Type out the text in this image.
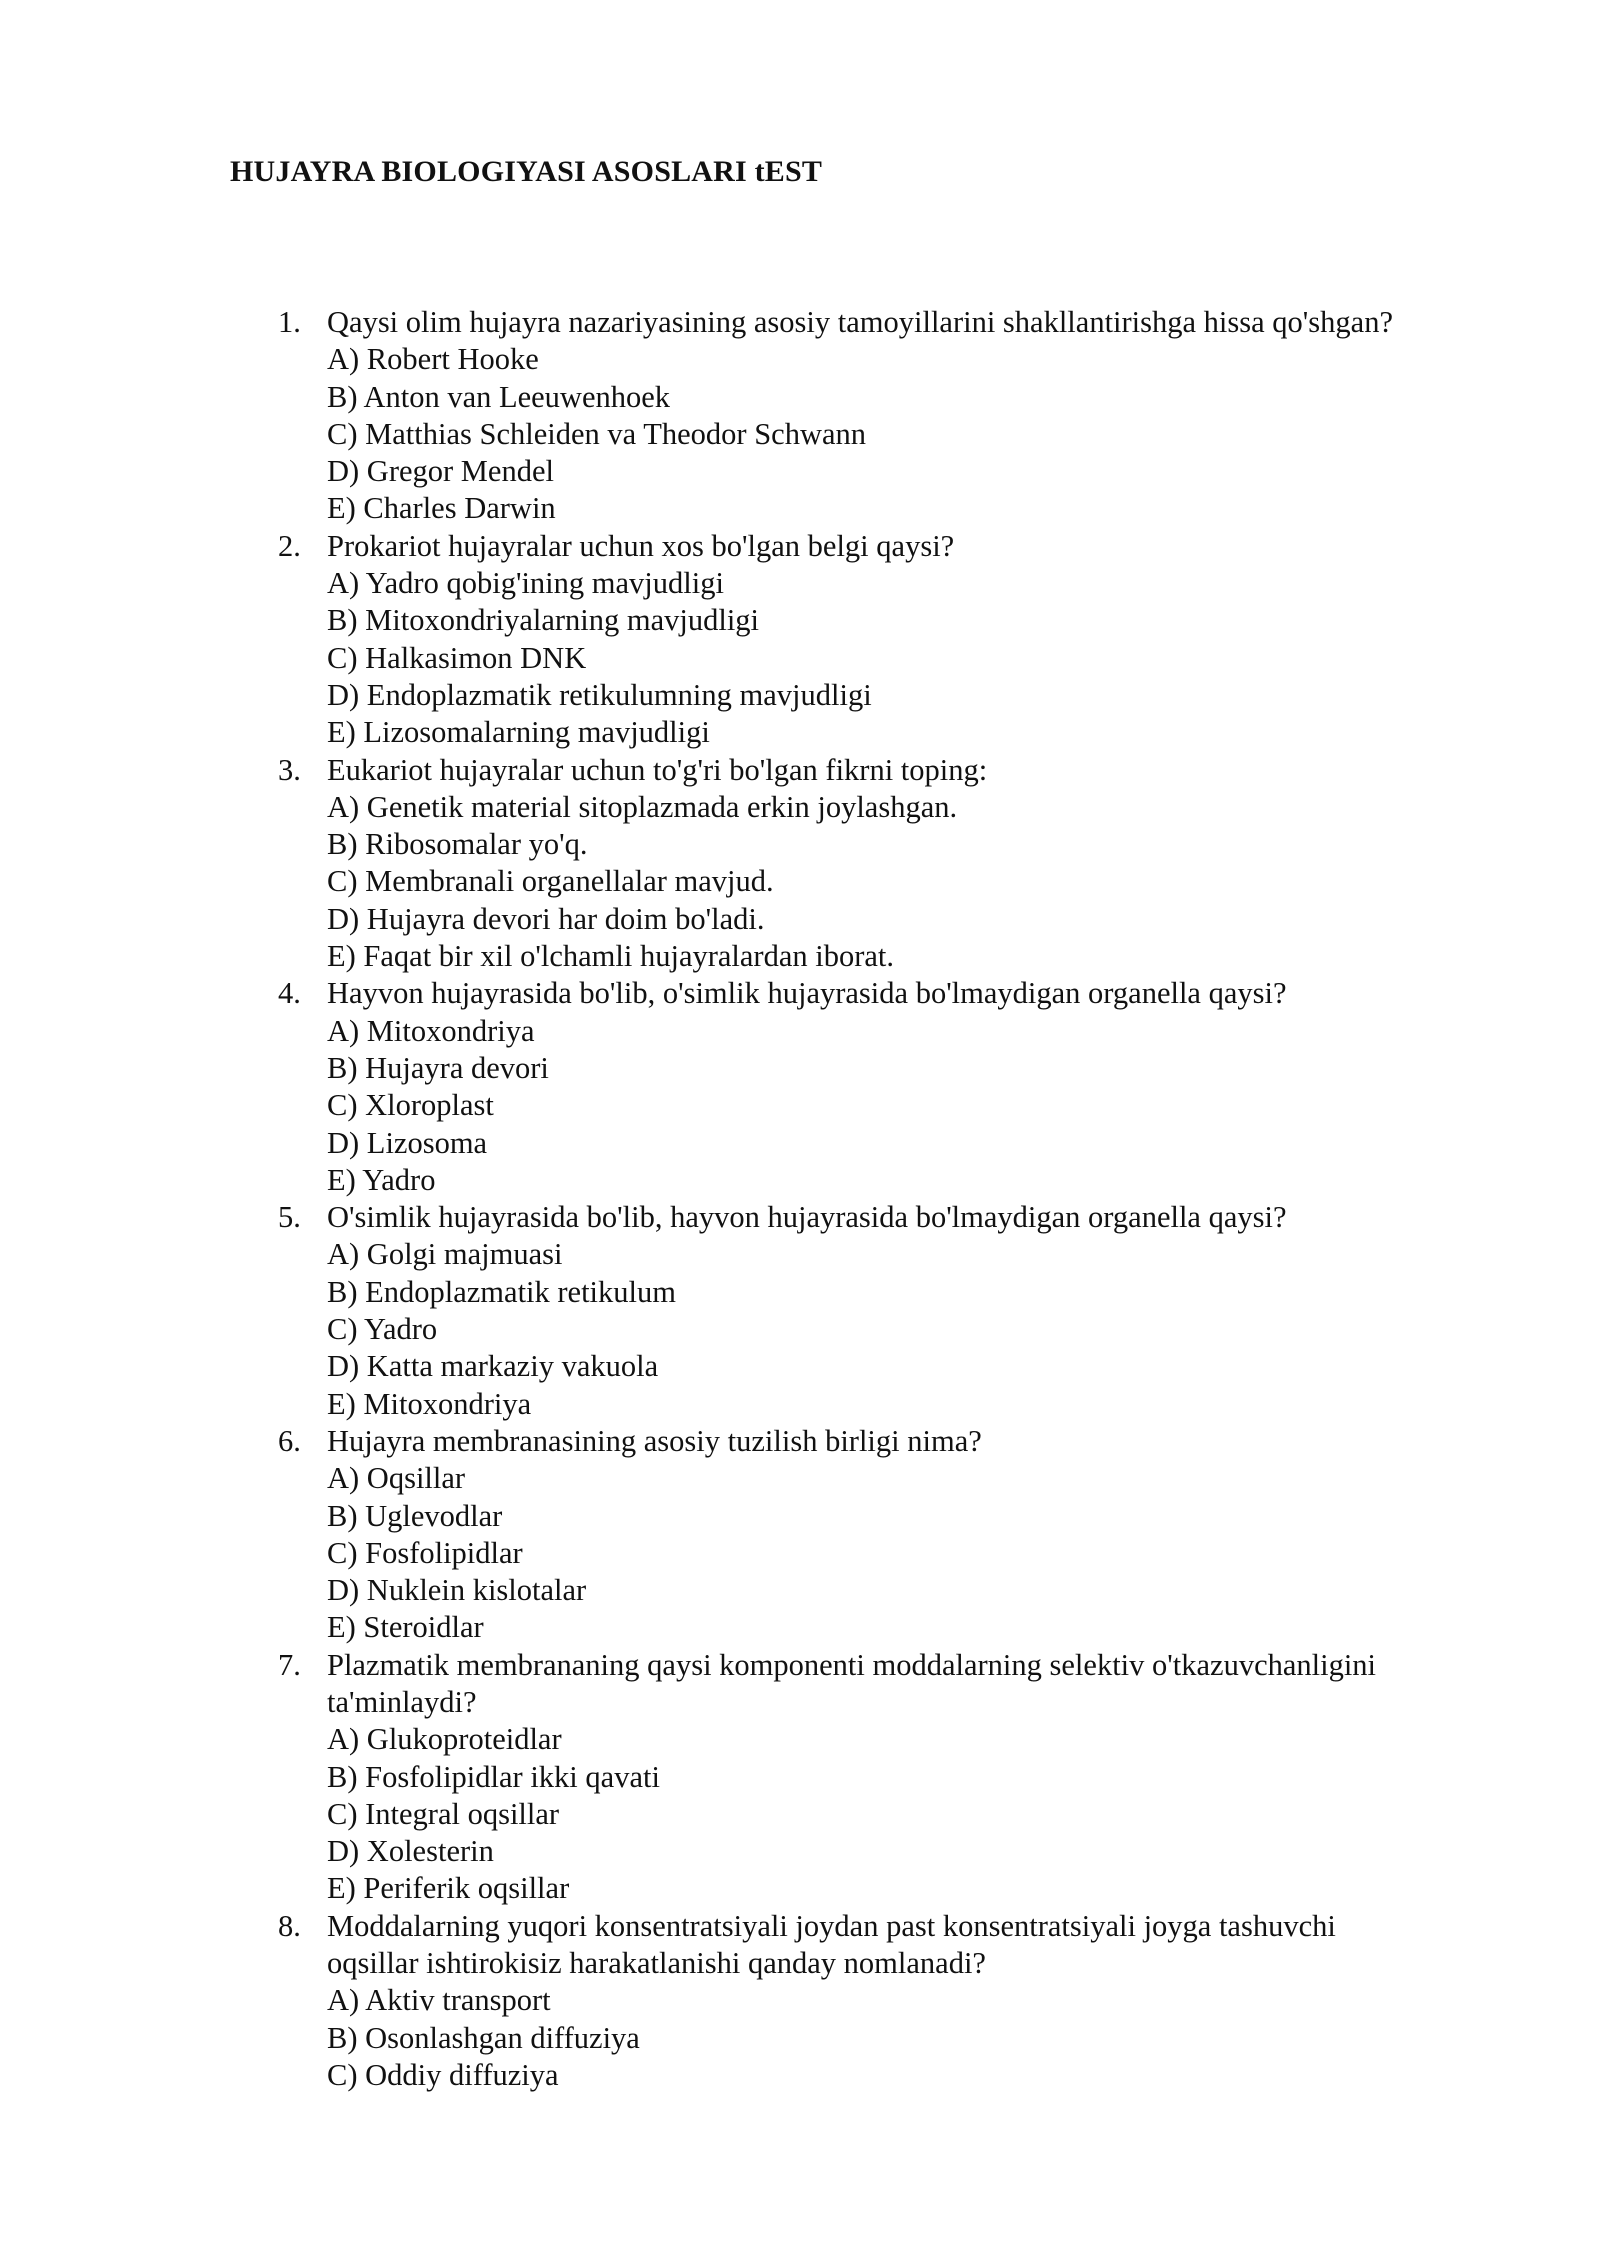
HUJAYRA BIOLOGIYASI ASOSLARI tEST
1. Qaysi olim hujayra nazariyasining asosiy tamoyillarini shakllantirishga hissa qo'shgan?
A) Robert Hooke
B) Anton van Leeuwenhoek
C) Matthias Schleiden va Theodor Schwann
D) Gregor Mendel
E) Charles Darwin
2. Prokariot hujayralar uchun xos bo'lgan belgi qaysi?
A) Yadro qobig'ining mavjudligi
B) Mitoxondriyalarning mavjudligi
C) Halkasimon DNK
D) Endoplazmatik retikulumning mavjudligi
E) Lizosomalarning mavjudligi
3. Eukariot hujayralar uchun to'g'ri bo'lgan fikrni toping:
A) Genetik material sitoplazmada erkin joylashgan.
B) Ribosomalar yo'q.
C) Membranali organellalar mavjud.
D) Hujayra devori har doim bo'ladi.
E) Faqat bir xil o'lchamli hujayralardan iborat.
4. Hayvon hujayrasida bo'lib, o'simlik hujayrasida bo'lmaydigan organella qaysi?
A) Mitoxondriya
B) Hujayra devori
C) Xloroplast
D) Lizosoma
E) Yadro
5. O'simlik hujayrasida bo'lib, hayvon hujayrasida bo'lmaydigan organella qaysi?
A) Golgi majmuasi
B) Endoplazmatik retikulum
C) Yadro
D) Katta markaziy vakuola
E) Mitoxondriya
6. Hujayra membranasining asosiy tuzilish birligi nima?
A) Oqsillar
B) Uglevodlar
C) Fosfolipidlar
D) Nuklein kislotalar
E) Steroidlar
7. Plazmatik membrananing qaysi komponenti moddalarning selektiv o'tkazuvchanligini
ta'minlaydi?
A) Glukoproteidlar
B) Fosfolipidlar ikki qavati
C) Integral oqsillar
D) Xolesterin
E) Periferik oqsillar
8. Moddalarning yuqori konsentratsiyali joydan past konsentratsiyali joyga tashuvchi
oqsillar ishtirokisiz harakatlanishi qanday nomlanadi?
A) Aktiv transport
B) Osonlashgan diffuziya
C) Oddiy diffuziya
